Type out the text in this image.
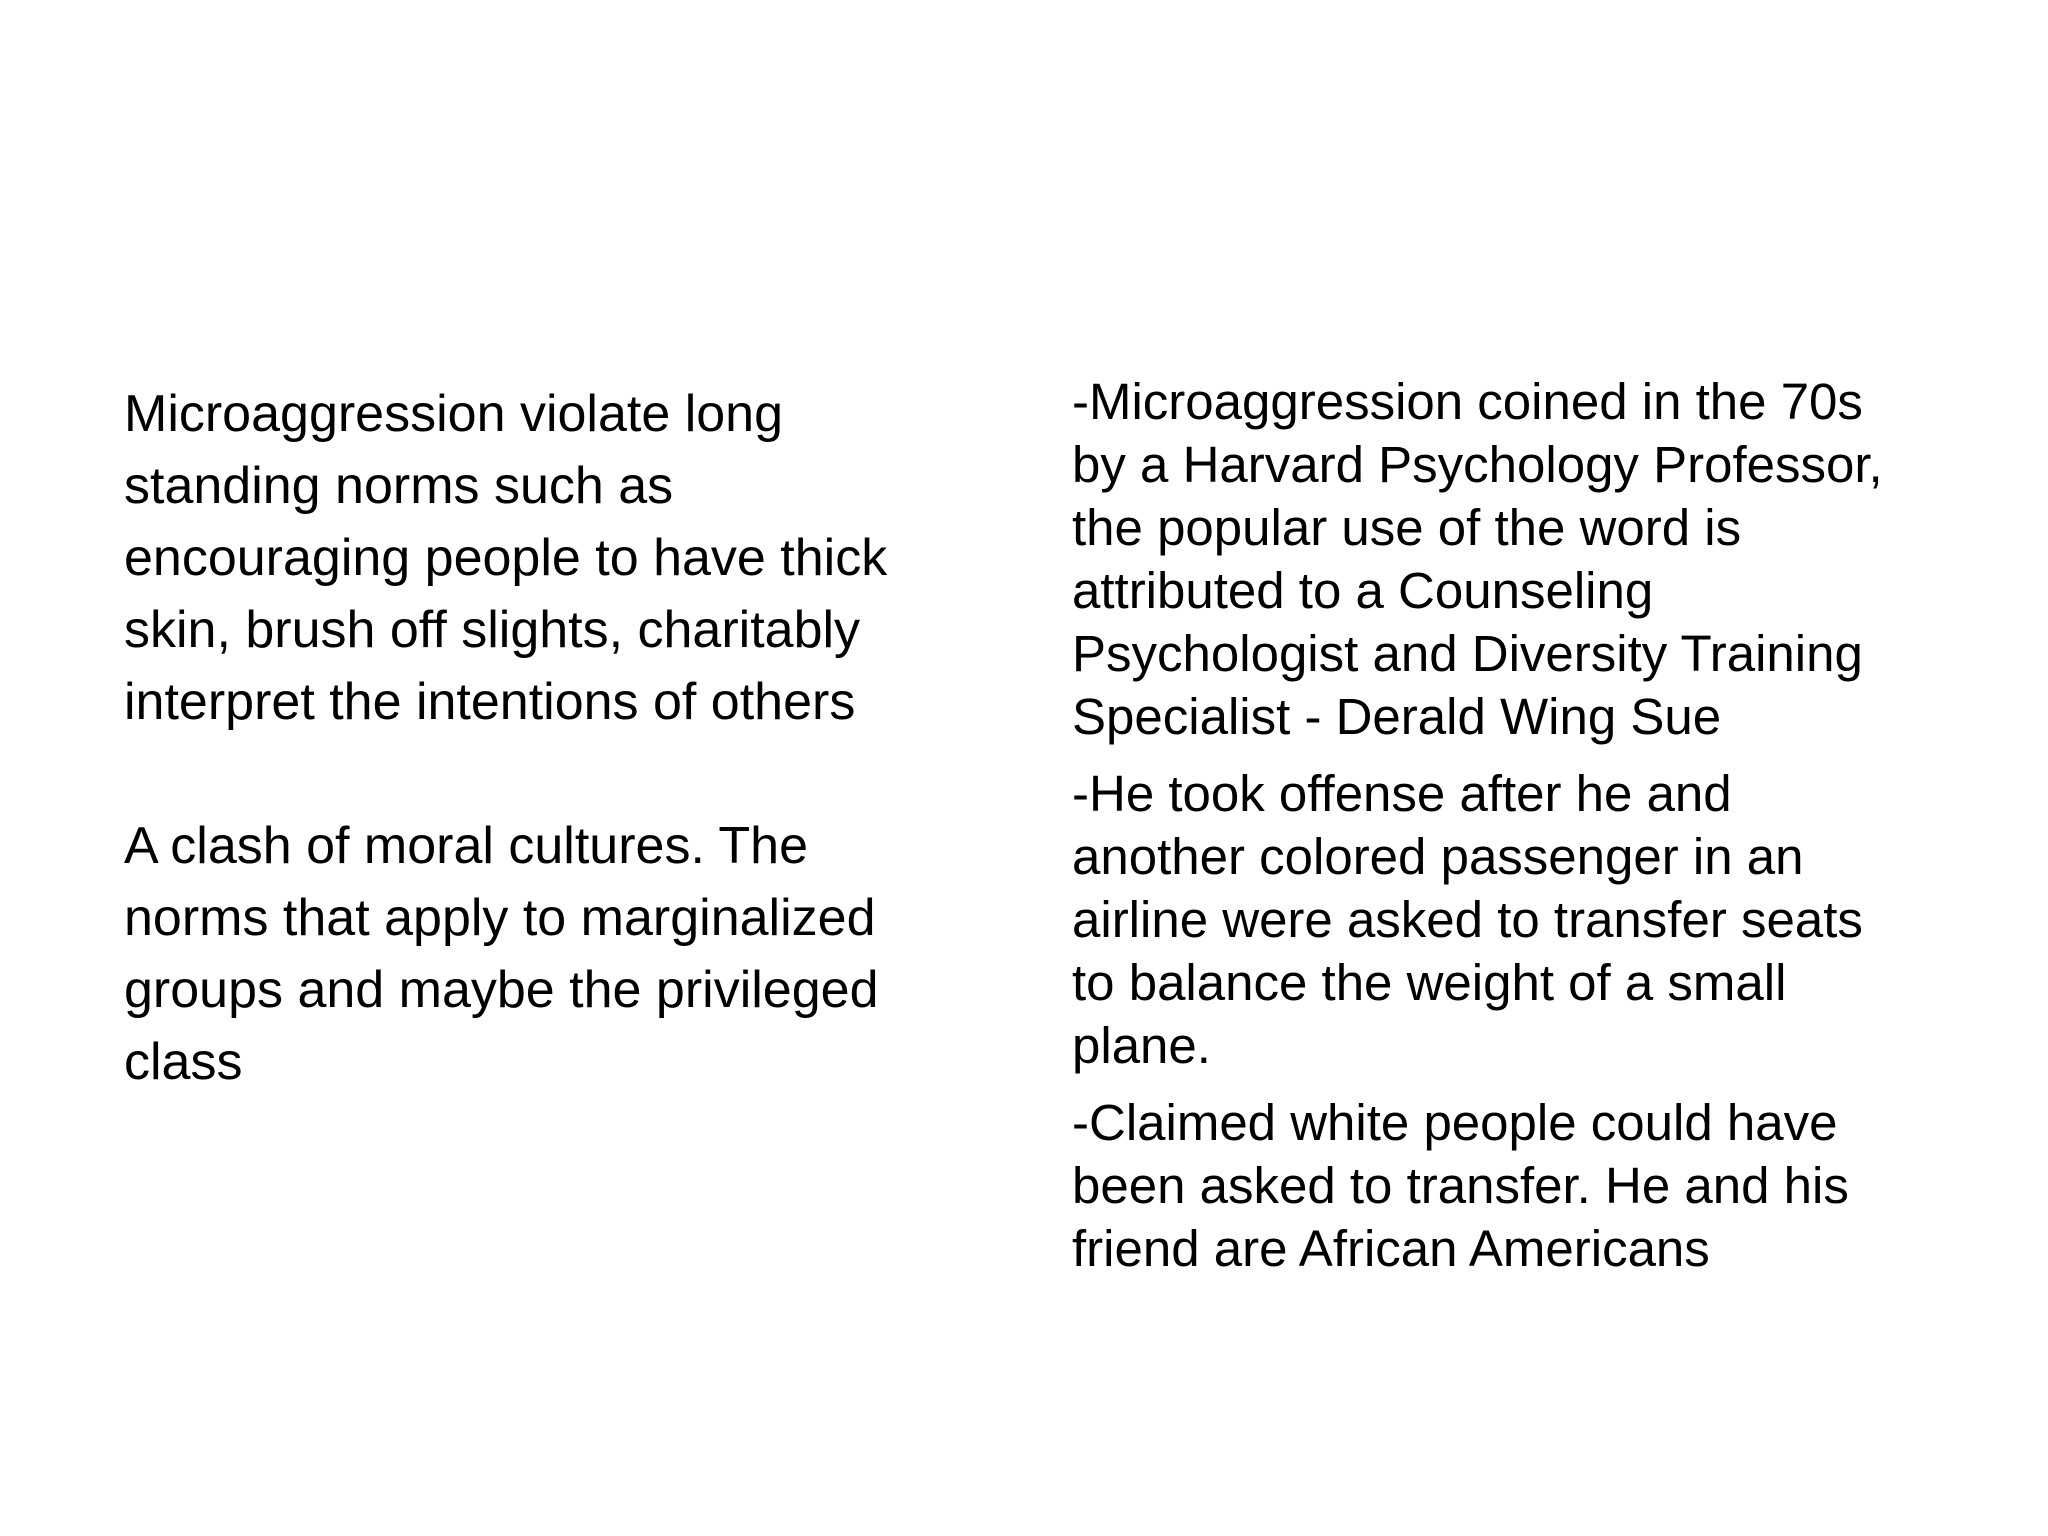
Microaggression violate long
standing norms such as
encouraging people to have thick
skin, brush off slights, charitably
interpret the intentions of others

A clash of moral cultures. The
norms that apply to marginalized
groups and maybe the privileged
class

-Microaggression coined in the 70s
by a Harvard Psychology Professor,
the popular use of the word is
attributed to a Counseling
Psychologist and Diversity Training
Specialist - Derald Wing Sue

-He took offense after he and
another colored passenger in an
airline were asked to transfer seats
to balance the weight of a small
plane.

-Claimed white people could have
been asked to transfer. He and his
friend are African Americans
